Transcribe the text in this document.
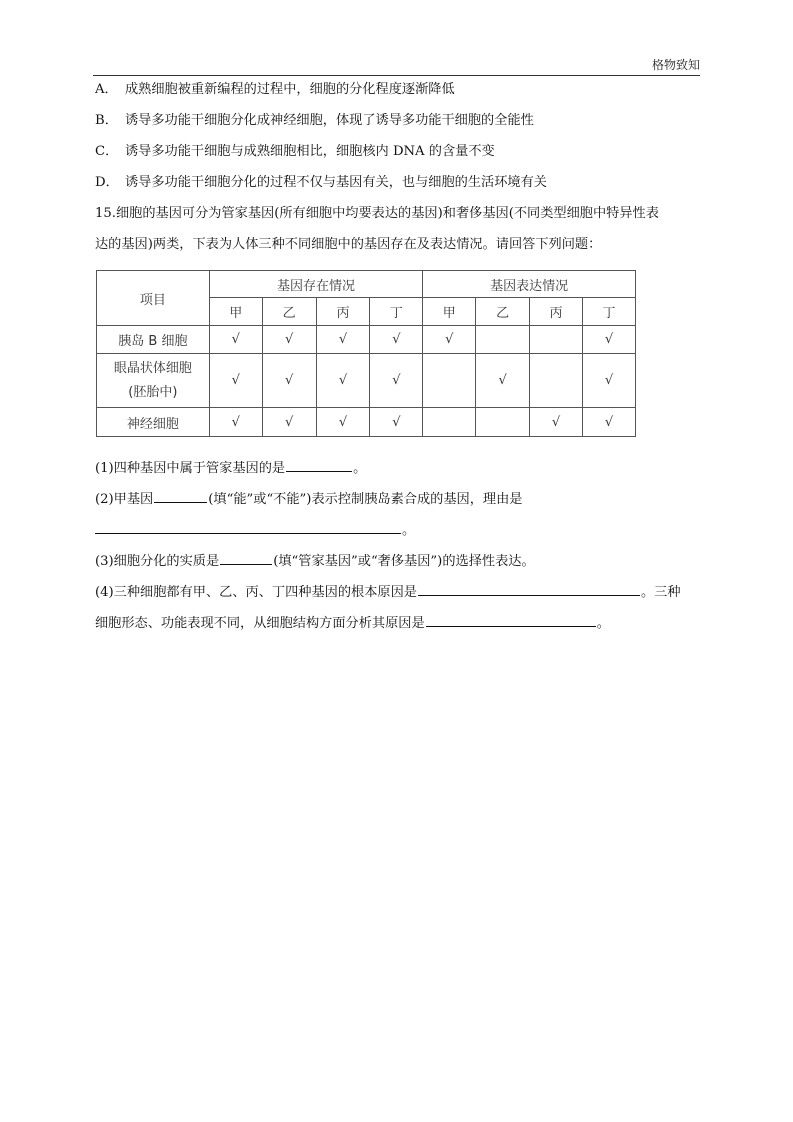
格物致知
A． 成熟细胞被重新编程的过程中，细胞的分化程度逐渐降低
B． 诱导多功能干细胞分化成神经细胞，体现了诱导多功能干细胞的全能性
C． 诱导多功能干细胞与成熟细胞相比，细胞核内 DNA 的含量不变
D． 诱导多功能干细胞分化的过程不仅与基因有关，也与细胞的生活环境有关
15.细胞的基因可分为管家基因(所有细胞中均要表达的基因)和奢侈基因(不同类型细胞中特异性表
达的基因)两类，下表为人体三种不同细胞中的基因存在及表达情况。请回答下列问题：
项目	基因存在情况				基因表达情况			
	甲	乙	丙	丁	甲	乙	丙	丁
胰岛 B 细胞	√	√	√	√	√			√

眼晶状体细胞
(胚胎中)	√	√	√	√		√		√
神经细胞	√	√	√	√			√	√
(1)四种基因中属于管家基因的是	。
(2)甲基因	(填“能”或“不能”)表示控制胰岛素合成的基因，理由是
。
(3)细胞分化的实质是	(填“管家基因”或“奢侈基因”)的选择性表达。
(4)三种细胞都有甲、乙、丙、丁四种基因的根本原因是	。三种
细胞形态、功能表现不同，从细胞结构方面分析其原因是	。
